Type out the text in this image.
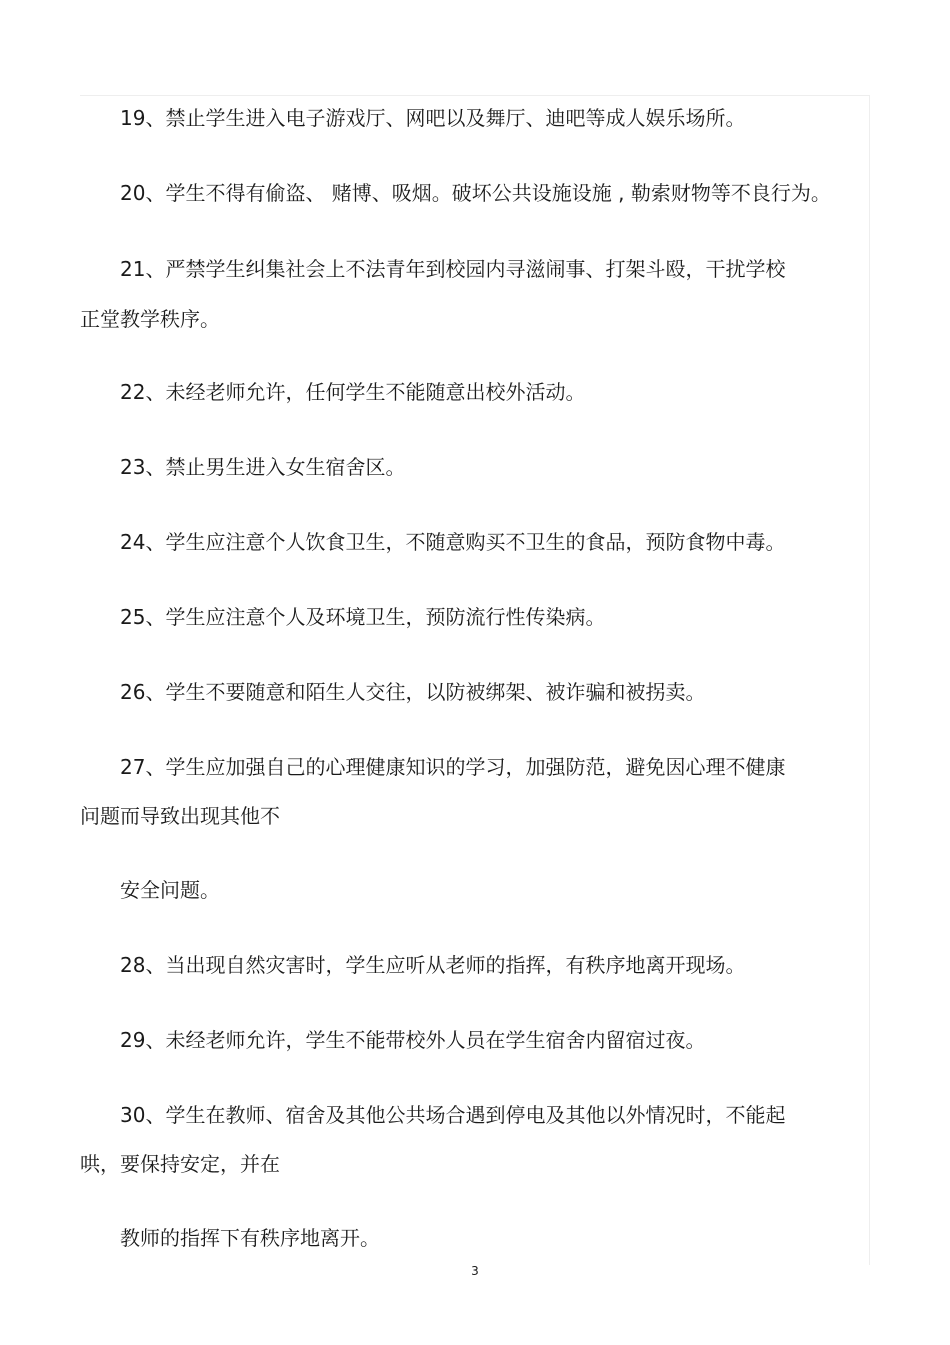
19、禁止学生进入电子游戏厅、网吧以及舞厅、迪吧等成人娱乐场所。
20、学生不得有偷盗、 赌博、吸烟。破坏公共设施设施 , 勒索财物等不良行为。
21、严禁学生纠集社会上不法青年到校园内寻滋闹事、打架斗殴，干扰学校
正堂教学秩序。
22、未经老师允许，任何学生不能随意出校外活动。
23、禁止男生进入女生宿舍区。
24、学生应注意个人饮食卫生，不随意购买不卫生的食品，预防食物中毒。
25、学生应注意个人及环境卫生，预防流行性传染病。
26、学生不要随意和陌生人交往，以防被绑架、被诈骗和被拐卖。
27、学生应加强自己的心理健康知识的学习，加强防范，避免因心理不健康
问题而导致出现其他不
安全问题。
28、当出现自然灾害时，学生应听从老师的指挥，有秩序地离开现场。
29、未经老师允许，学生不能带校外人员在学生宿舍内留宿过夜。
30、学生在教师、宿舍及其他公共场合遇到停电及其他以外情况时，不能起
哄，要保持安定，并在
教师的指挥下有秩序地离开。
3
